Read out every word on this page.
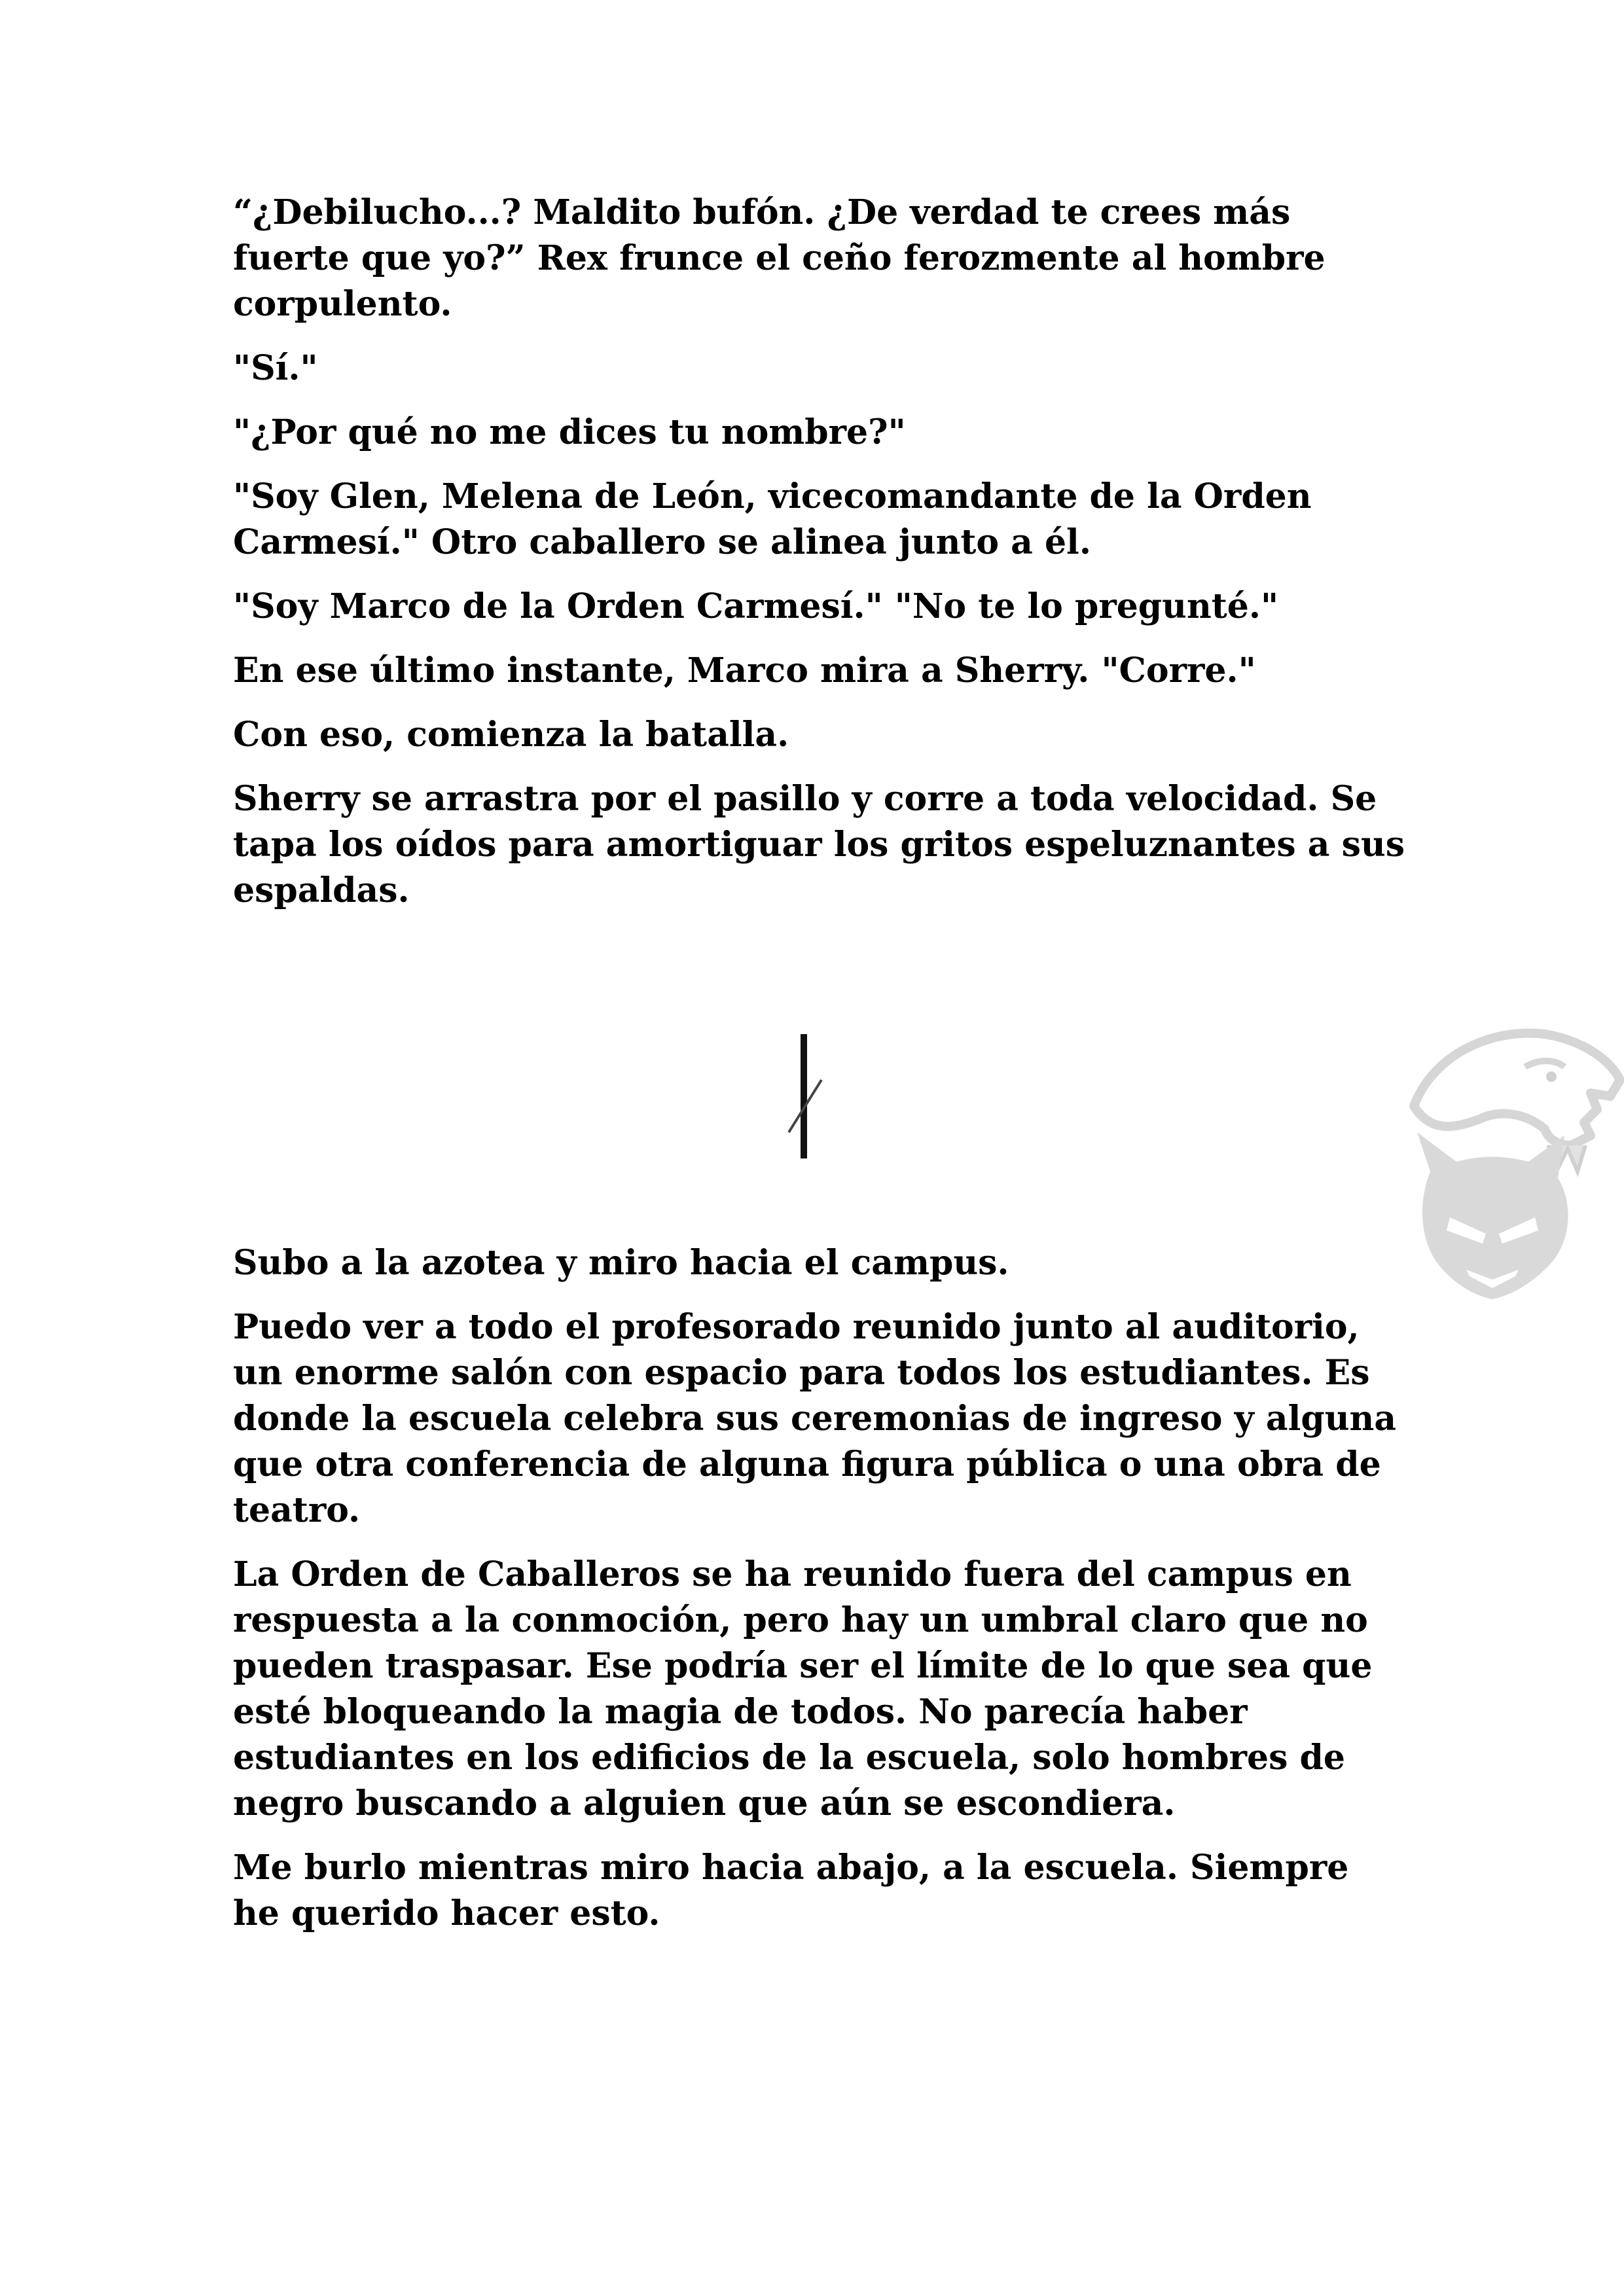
“¿Debilucho...? Maldito bufón. ¿De verdad te crees más fuerte que yo?” Rex frunce el ceño ferozmente al hombre corpulento.

"Sí."

"¿Por qué no me dices tu nombre?"

"Soy Glen, Melena de León, vicecomandante de la Orden Carmesí." Otro caballero se alinea junto a él.

"Soy Marco de la Orden Carmesí." "No te lo pregunté."

En ese último instante, Marco mira a Sherry. "Corre."

Con eso, comienza la batalla.

Sherry se arrastra por el pasillo y corre a toda velocidad. Se tapa los oídos para amortiguar los gritos espeluznantes a sus espaldas.

Subo a la azotea y miro hacia el campus.

Puedo ver a todo el profesorado reunido junto al auditorio, un enorme salón con espacio para todos los estudiantes. Es donde la escuela celebra sus ceremonias de ingreso y alguna que otra conferencia de alguna figura pública o una obra de teatro.

La Orden de Caballeros se ha reunido fuera del campus en respuesta a la conmoción, pero hay un umbral claro que no pueden traspasar. Ese podría ser el límite de lo que sea que esté bloqueando la magia de todos. No parecía haber estudiantes en los edificios de la escuela, solo hombres de negro buscando a alguien que aún se escondiera.

Me burlo mientras miro hacia abajo, a la escuela. Siempre he querido hacer esto.
